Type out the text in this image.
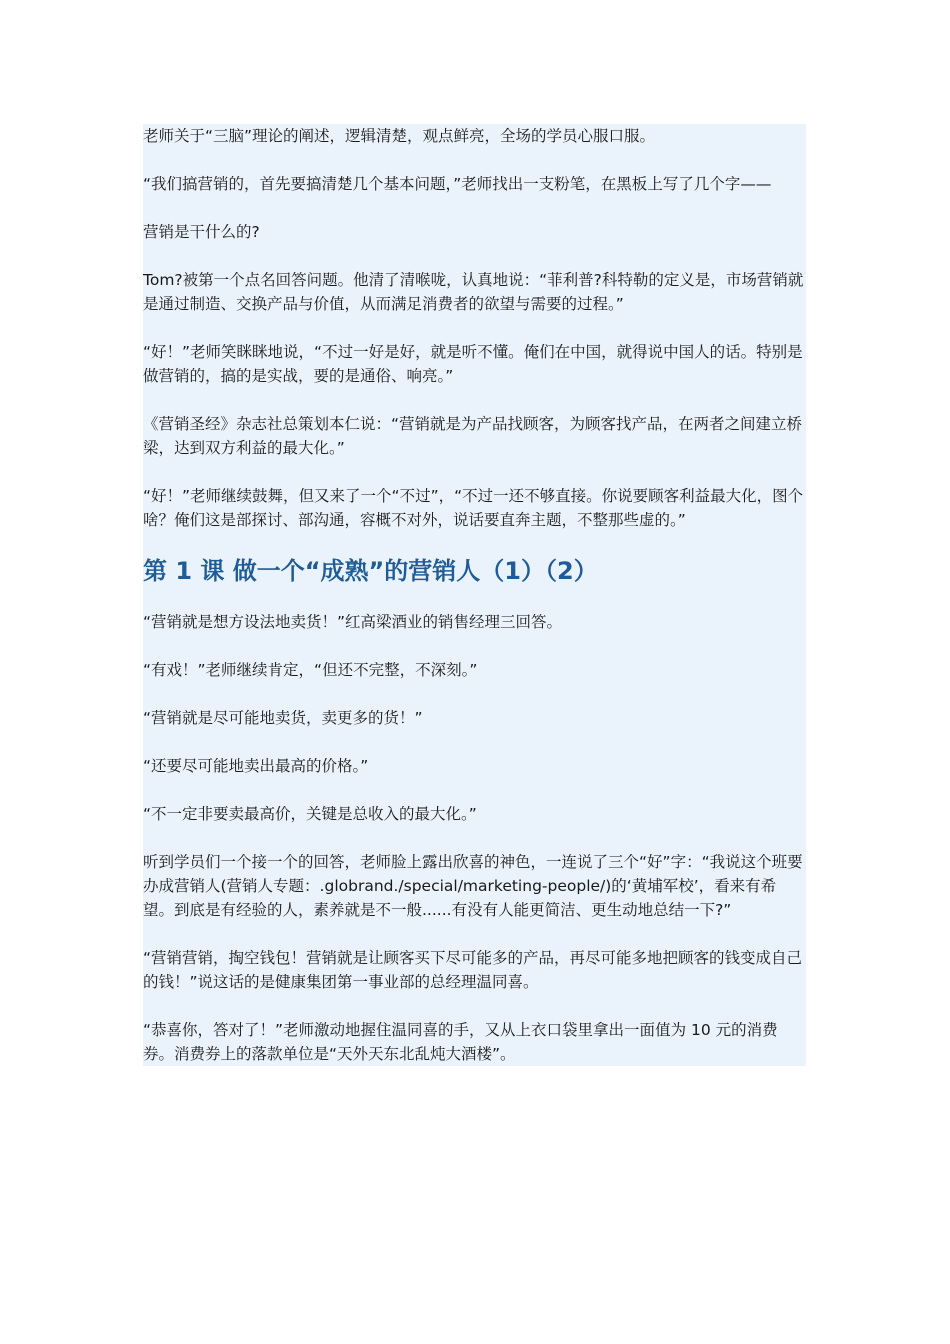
老师关于“三脑”理论的阐述，逻辑清楚，观点鲜亮，全场的学员心服口服。

“我们搞营销的，首先要搞清楚几个基本问题，”老师找出一支粉笔，在黑板上写了几个字——

营销是干什么的?

Tom?被第一个点名回答问题。他清了清喉咙，认真地说：“菲利普?科特勒的定义是，市场营销就是通过制造、交换产品与价值，从而满足消费者的欲望与需要的过程。”

“好！”老师笑眯眯地说，“不过一好是好，就是听不懂。俺们在中国，就得说中国人的话。特别是做营销的，搞的是实战，要的是通俗、响亮。”

《营销圣经》杂志社总策划本仁说：“营销就是为产品找顾客，为顾客找产品，在两者之间建立桥梁，达到双方利益的最大化。”

“好！”老师继续鼓舞，但又来了一个“不过”，“不过一还不够直接。你说要顾客利益最大化，图个啥？俺们这是部探讨、部沟通，容概不对外，说话要直奔主题，不整那些虚的。”

第 1 课 做一个“成熟”的营销人（1）（2）

“营销就是想方设法地卖货！”红高梁酒业的销售经理三回答。

“有戏！”老师继续肯定，“但还不完整，不深刻。”

“营销就是尽可能地卖货，卖更多的货！”

“还要尽可能地卖出最高的价格。”

“不一定非要卖最高价，关键是总收入的最大化。”

听到学员们一个接一个的回答，老师脸上露出欣喜的神色，一连说了三个“好”字：“我说这个班要办成营销人(营销人专题：.globrand./special/marketing-people/)的‘黄埔军校’，看来有希望。到底是有经验的人，素养就是不一般......有没有人能更简洁、更生动地总结一下?”

“营销营销，掏空钱包！营销就是让顾客买下尽可能多的产品，再尽可能多地把顾客的钱变成自己的钱！”说这话的是健康集团第一事业部的总经理温同喜。

“恭喜你，答对了！”老师激动地握住温同喜的手，又从上衣口袋里拿出一面值为 10 元的消费券。消费券上的落款单位是“天外天东北乱炖大酒楼”。
